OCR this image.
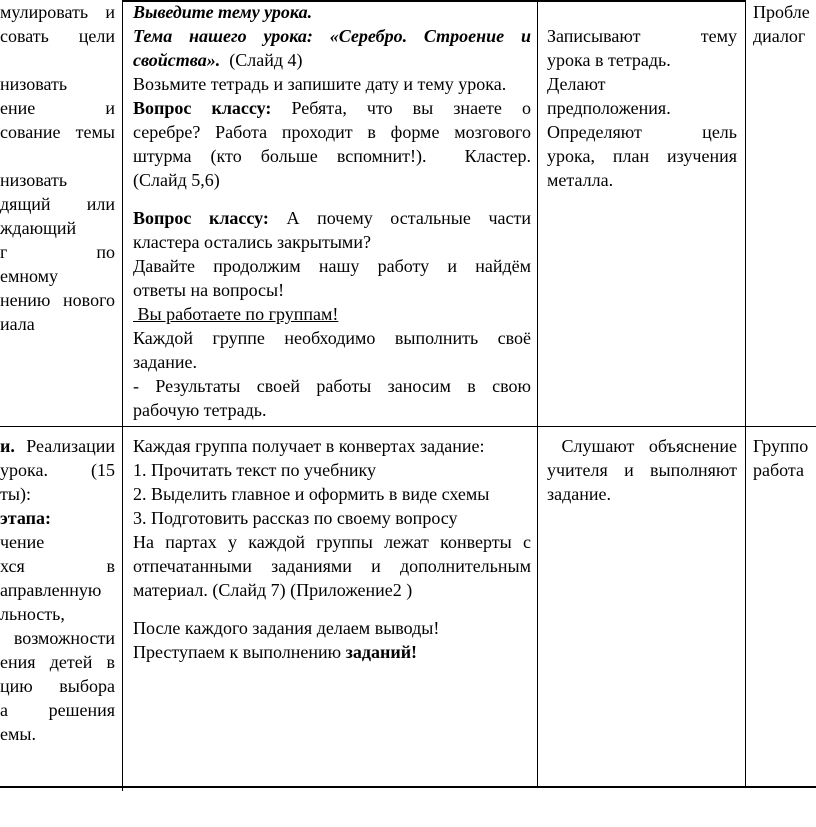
мулировать и
совать цели
низовать
ение и
сование темы
низовать
дящий или
ждающий
г по
емному
нению нового
иала
Выведите тему урока.
Тема нашего урока: «Серебро. Строение и
свойства».  (Слайд 4)
Возьмите тетрадь и запишите дату и тему урока.
Вопрос классу: Ребята, что вы знаете о
серебре? Работа проходит в форме мозгового
штурма (кто больше вспомнит!).  Кластер.
(Слайд 5,6)
Вопрос классу: А почему остальные части
кластера остались закрытыми?
Давайте продолжим нашу работу и найдём
ответы на вопросы!
Вы работаете по группам!
Каждой группе необходимо выполнить своё
задание.
- Результаты своей работы заносим в свою
рабочую тетрадь.
Записывают тему
урока в тетрадь.
Делают
предположения.
Определяют цель
урока, план изучения
металла.
Пробле
диалог
и. Реализации
урока. (15
ты):
этапа:
чение
хся в
аправленную
льность,
возможности
ения детей в
цию выбора
а решения
емы.
Каждая группа получает в конвертах задание:
1. Прочитать текст по учебнику
2. Выделить главное и оформить в виде схемы
3. Подготовить рассказ по своему вопросу
На партах у каждой группы лежат конверты с
отпечатанными заданиями и дополнительным
материал. (Слайд 7) (Приложение2 )
После каждого задания делаем выводы!
Преступаем к выполнению заданий!
Слушают объяснение
учителя и выполняют
задание.
Группо
работа
